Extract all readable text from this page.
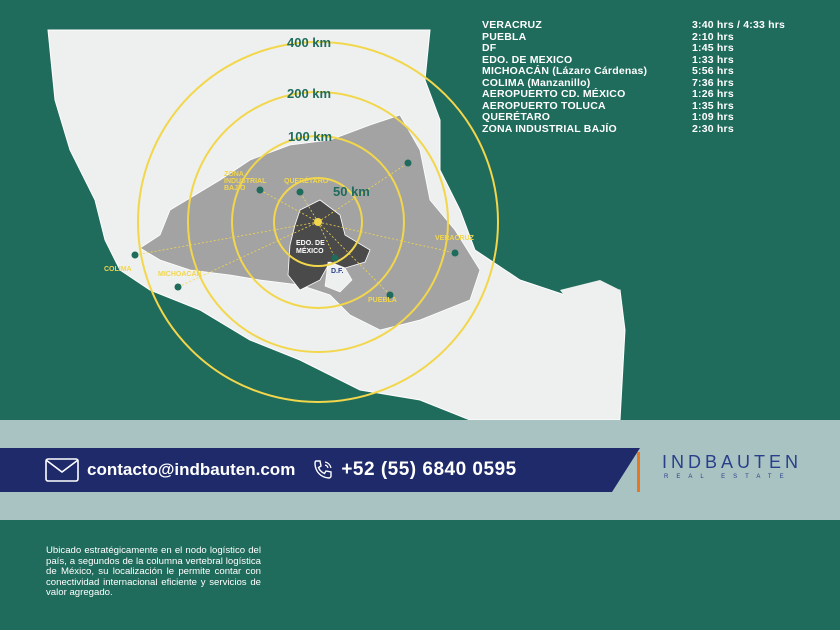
400 km
200 km
100 km
50 km
ZONA
INDUSTRIAL
BAJÍO
QUERÉTARO
VERACRUZ
COLIMA
MICHOACÁN
EDO. DE
MÉXICO
D.F.
PUEBLA
VERACRUZ	3:40 hrs / 4:33 hrs
PUEBLA	2:10 hrs
DF	1:45 hrs
EDO. DE MEXICO	1:33 hrs
MICHOACÁN (Lázaro Cárdenas)	5:56 hrs
COLIMA (Manzanillo)	7:36 hrs
AEROPUERTO CD. MÉXICO	1:26 hrs
AEROPUERTO TOLUCA	1:35 hrs
QUERÉTARO	1:09 hrs
ZONA INDUSTRIAL BAJÍO	2:30 hrs
contacto@indbauten.com +52 (55) 6840 0595	INDBAUTEN
REAL ESTATE
Ubicado estratégicamente en el nodo logístico del país, a segundos de la columna vertebral logística de México, su localización le permite contar con conectividad internacional eficiente y servicios de valor agregado.
